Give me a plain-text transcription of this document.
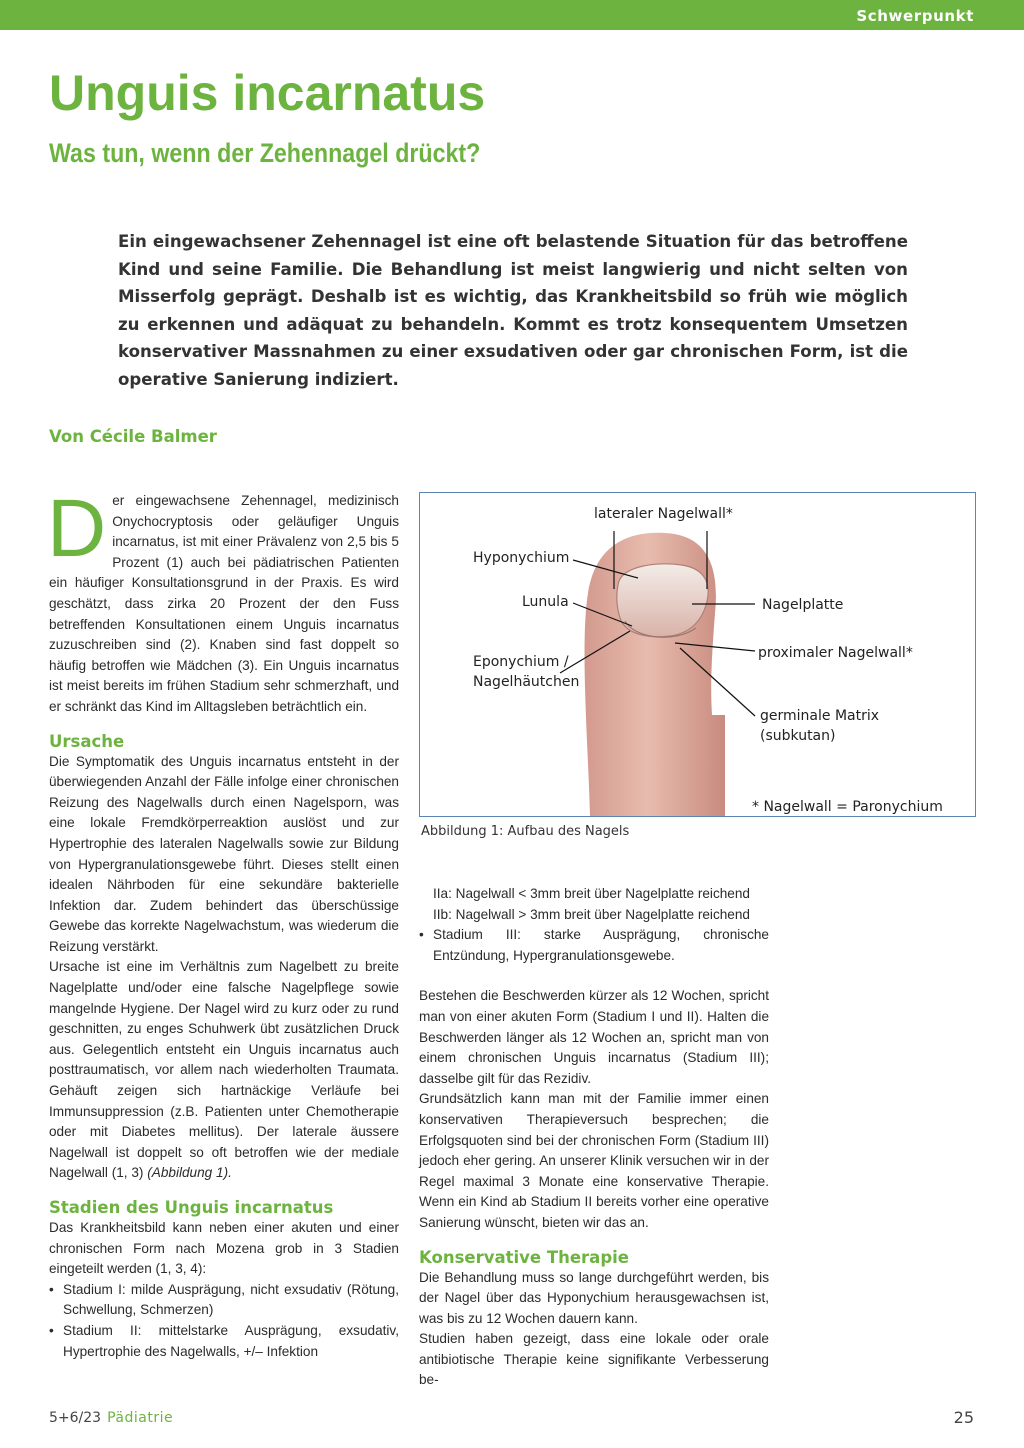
Schwerpunkt
Unguis incarnatus
Was tun, wenn der Zehennagel drückt?

Ein eingewachsener Zehennagel ist eine oft belastende Situation für das betroffene Kind und seine Familie. Die Behandlung ist meist langwierig und nicht selten von Misserfolg geprägt. Deshalb ist es wichtig, das Krankheitsbild so früh wie möglich zu erkennen und adäquat zu behandeln. Kommt es trotz konsequentem Umsetzen konservativer Massnahmen zu einer exsudativen oder gar chronischen Form, ist die operative Sanierung indiziert.

Von Cécile Balmer

Der eingewachsene Zehennagel, medizinisch Onychocryptosis oder geläufiger Unguis incarnatus, ist mit einer Prävalenz von 2,5 bis 5 Prozent (1) auch bei pädiatrischen Patienten ein häufiger Konsultationsgrund in der Praxis. Es wird geschätzt, dass zirka 20 Prozent der den Fuss betreffenden Konsultationen einem Unguis incarnatus zuzuschreiben sind (2). Knaben sind fast doppelt so häufig betroffen wie Mädchen (3). Ein Unguis incarnatus ist meist bereits im frühen Stadium sehr schmerzhaft, und er schränkt das Kind im Alltagsleben beträchtlich ein.

Ursache

Die Symptomatik des Unguis incarnatus entsteht in der überwiegenden Anzahl der Fälle infolge einer chronischen Reizung des Nagelwalls durch einen Nagelsporn, was eine lokale Fremdkörperreaktion auslöst und zur Hypertrophie des lateralen Nagelwalls sowie zur Bildung von Hypergranulationsgewebe führt. Dieses stellt einen idealen Nährboden für eine sekundäre bakterielle Infektion dar. Zudem behindert das überschüssige Gewebe das korrekte Nagelwachstum, was wiederum die Reizung verstärkt.

Ursache ist eine im Verhältnis zum Nagelbett zu breite Nagelplatte und/oder eine falsche Nagelpflege sowie mangelnde Hygiene. Der Nagel wird zu kurz oder zu rund geschnitten, zu enges Schuhwerk übt zusätzlichen Druck aus. Gelegentlich entsteht ein Unguis incarnatus auch posttraumatisch, vor allem nach wiederholten Traumata. Gehäuft zeigen sich hartnäckige Verläufe bei Immunsuppression (z.B. Patienten unter Chemotherapie oder mit Diabetes mellitus). Der laterale äussere Nagelwall ist doppelt so oft betroffen wie der mediale Nagelwall (1, 3) (Abbildung 1).

Stadien des Unguis incarnatus

Das Krankheitsbild kann neben einer akuten und einer chronischen Form nach Mozena grob in 3 Stadien eingeteilt werden (1, 3, 4):

• Stadium I: milde Ausprägung, nicht exsudativ (Rötung, Schwellung, Schmerzen)
• Stadium II: mittelstarke Ausprägung, exsudativ, Hypertrophie des Nagelwalls, +/– Infektion
lateraler Nagelwall*
Hyponychium
Lunula	Nagelplatte
proximaler Nagelwall*
Eponychium /
Nagelhäutchen
germinale Matrix
(subkutan)
* Nagelwall = Paronychium

Abbildung 1: Aufbau des Nagels

IIa: Nagelwall < 3mm breit über Nagelplatte reichend

IIb: Nagelwall > 3mm breit über Nagelplatte reichend

• Stadium III: starke Ausprägung, chronische Entzündung, Hypergranulationsgewebe.

Bestehen die Beschwerden kürzer als 12 Wochen, spricht man von einer akuten Form (Stadium I und II). Halten die Beschwerden länger als 12 Wochen an, spricht man von einem chronischen Unguis incarnatus (Stadium III); dasselbe gilt für das Rezidiv.

Grundsätzlich kann man mit der Familie immer einen konservativen Therapieversuch besprechen; die Erfolgsquoten sind bei der chronischen Form (Stadium III) jedoch eher gering. An unserer Klinik versuchen wir in der Regel maximal 3 Monate eine konservative Therapie. Wenn ein Kind ab Stadium II bereits vorher eine operative Sanierung wünscht, bieten wir das an.

Konservative Therapie

Die Behandlung muss so lange durchgeführt werden, bis der Nagel über das Hyponychium herausgewachsen ist, was bis zu 12 Wochen dauern kann.

Studien haben gezeigt, dass eine lokale oder orale antibiotische Therapie keine signifikante Verbesserung be-

5+6/23 Pädiatrie	25
